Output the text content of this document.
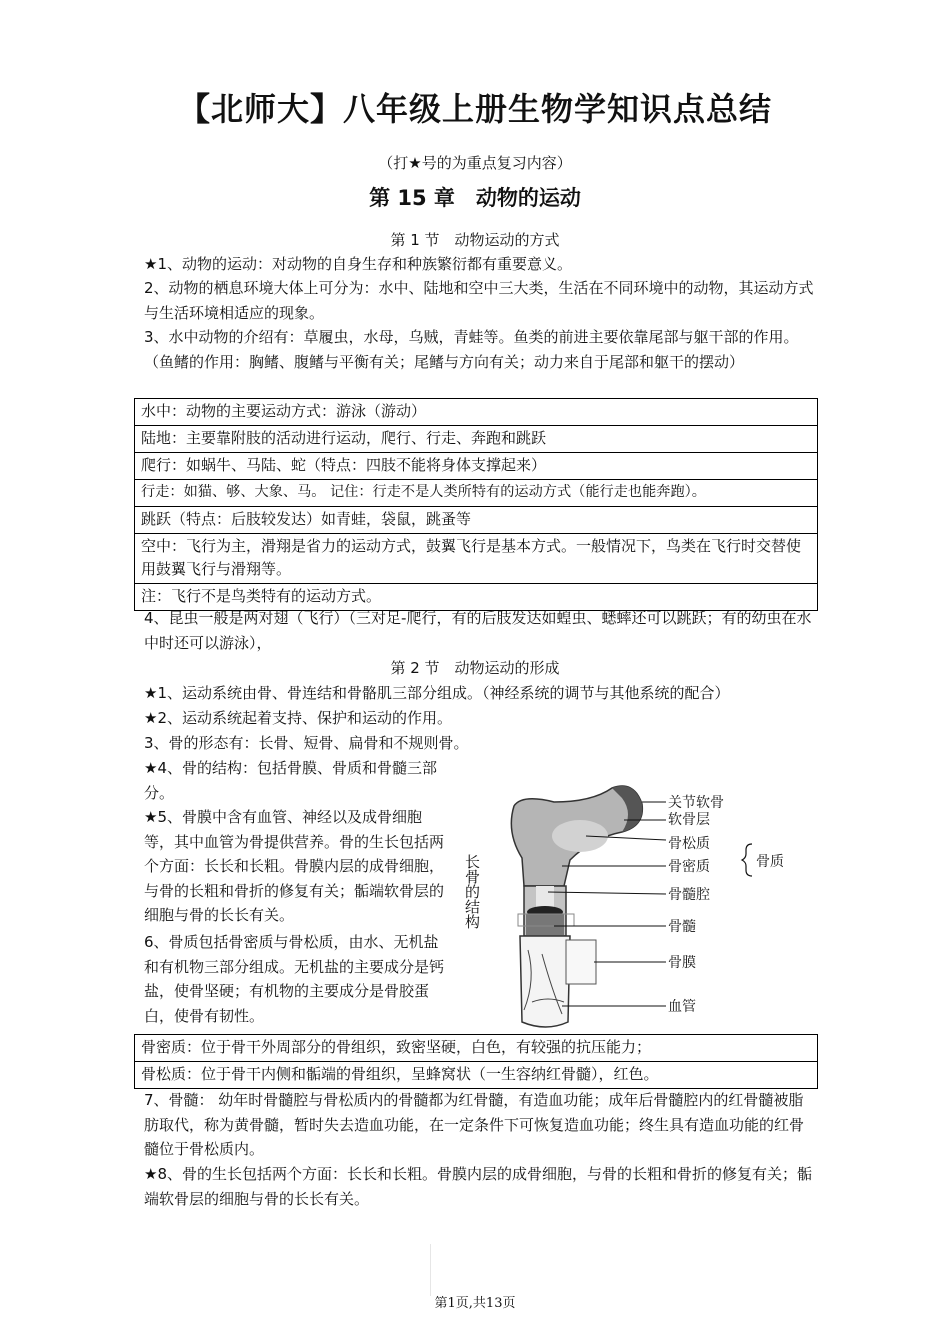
【北师大】八年级上册生物学知识点总结
（打★号的为重点复习内容）
第 15 章　动物的运动
第 1 节　动物运动的方式
★1、动物的运动：对动物的自身生存和种族繁衍都有重要意义。
2、动物的栖息环境大体上可分为：水中、陆地和空中三大类，生活在不同环境中的动物，其运动方式与生活环境相适应的现象。
3、水中动物的介绍有：草履虫，水母，乌贼，青蛙等。鱼类的前进主要依靠尾部与躯干部的作用。（鱼鳍的作用：胸鳍、腹鳍与平衡有关；尾鳍与方向有关；动力来自于尾部和躯干的摆动）
水中：动物的主要运动方式：游泳（游动）
陆地：主要靠附肢的活动进行运动，爬行、行走、奔跑和跳跃
爬行：如蜗牛、马陆、蛇（特点：四肢不能将身体支撑起来）
行走：如猫、够、大象、马。 记住：行走不是人类所特有的运动方式（能行走也能奔跑）。
跳跃（特点：后肢较发达）如青蛙，袋鼠，跳蚤等
空中：飞行为主，滑翔是省力的运动方式，鼓翼飞行是基本方式。一般情况下，鸟类在飞行时交替使用鼓翼飞行与滑翔等。
注：飞行不是鸟类特有的运动方式。
4、昆虫一般是两对翅（飞行）（三对足-爬行，有的后肢发达如蝗虫、蟋蟀还可以跳跃；有的幼虫在水中时还可以游泳），
第 2 节　动物运动的形成
★1、运动系统由骨、骨连结和骨骼肌三部分组成。（神经系统的调节与其他系统的配合）
★2、运动系统起着支持、保护和运动的作用。
3、骨的形态有：长骨、短骨、扁骨和不规则骨。
★4、骨的结构：包括骨膜、骨质和骨髓三部分。
★5、骨膜中含有血管、神经以及成骨细胞等，其中血管为骨提供营养。骨的生长包括两个方面：长长和长粗。骨膜内层的成骨细胞，与骨的长粗和骨折的修复有关；骺端软骨层的细胞与骨的长长有关。
6、骨质包括骨密质与骨松质，由水、无机盐和有机物三部分组成。无机盐的主要成分是钙盐，使骨坚硬；有机物的主要成分是骨胶蛋白，使骨有韧性。
长骨的结构
关节软骨
软骨层
骨松质
骨密质
骨髓腔
骨髓
骨膜
血管
骨质
骨密质：位于骨干外周部分的骨组织，致密坚硬，白色，有较强的抗压能力；
骨松质：位于骨干内侧和骺端的骨组织，呈蜂窝状（一生容纳红骨髓），红色。
7、骨髓： 幼年时骨髓腔与骨松质内的骨髓都为红骨髓，有造血功能；成年后骨髓腔内的红骨髓被脂肪取代，称为黄骨髓，暂时失去造血功能，在一定条件下可恢复造血功能；终生具有造血功能的红骨髓位于骨松质内。
★8、骨的生长包括两个方面：长长和长粗。骨膜内层的成骨细胞，与骨的长粗和骨折的修复有关；骺端软骨层的细胞与骨的长长有关。
第1页,共13页
